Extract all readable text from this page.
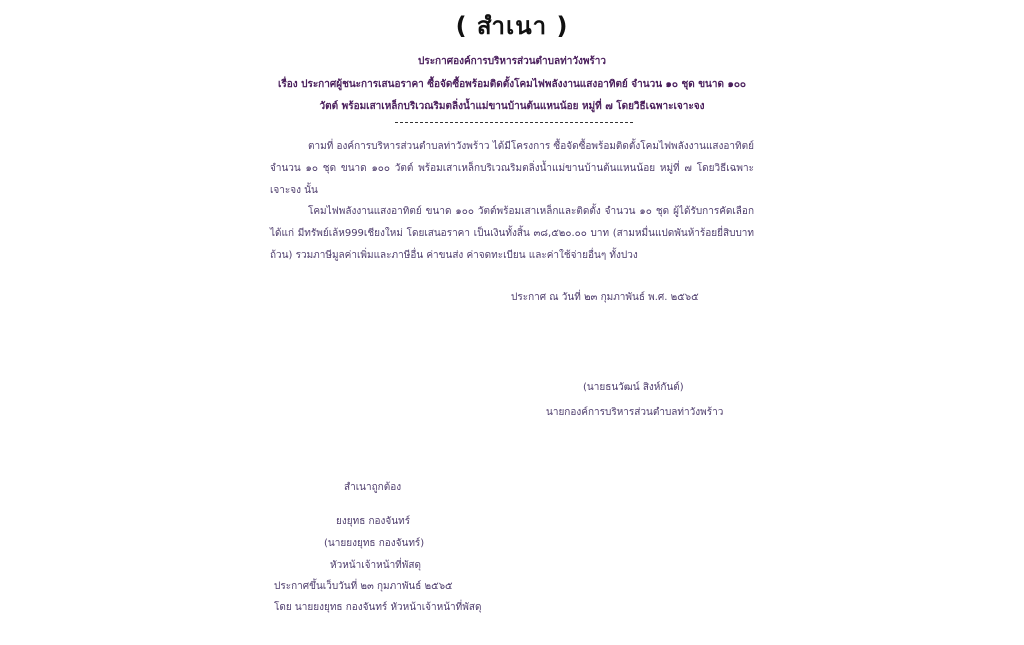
( สำเนา )
ประกาศองค์การบริหารส่วนตำบลท่าวังพร้าว
เรื่อง ประกาศผู้ชนะการเสนอราคา ซื้อจัดซื้อพร้อมติดตั้งโคมไฟพลังงานแสงอาทิตย์ จำนวน ๑๐ ชุด ขนาด ๑๐๐
วัตต์ พร้อมเสาเหล็กบริเวณริมตลิ่งน้ำแม่ขานบ้านต้นแหนน้อย หมู่ที่ ๗ โดยวิธีเฉพาะเจาะจง
ตามที่ องค์การบริหารส่วนตำบลท่าวังพร้าว ได้มีโครงการ ซื้อจัดซื้อพร้อมติดตั้งโคมไฟพลังงานแสงอาทิตย์ จำนวน ๑๐ ชุด ขนาด ๑๐๐ วัตต์ พร้อมเสาเหล็กบริเวณริมตลิ่งน้ำแม่ขานบ้านต้นแหนน้อย หมู่ที่ ๗ โดยวิธีเฉพาะเจาะจง นั้น
โคมไฟพลังงานแสงอาทิตย์ ขนาด ๑๐๐ วัตต์พร้อมเสาเหล็กและติดตั้ง จำนวน ๑๐ ชุด ผู้ได้รับการคัดเลือก ได้แก่ มีทรัพย์เล้ห999เชียงใหม่ โดยเสนอราคา เป็นเงินทั้งสิ้น ๓๘,๕๒๐.๐๐ บาท (สามหมื่นแปดพันห้าร้อยยี่สิบบาทถ้วน) รวมภาษีมูลค่าเพิ่มและภาษีอื่น ค่าขนส่ง ค่าจดทะเบียน และค่าใช้จ่ายอื่นๆ ทั้งปวง
ประกาศ ณ วันที่ ๒๓ กุมภาพันธ์ พ.ศ. ๒๕๖๕
(นายธนวัฒน์ สิงห์กันต์)
นายกองค์การบริหารส่วนตำบลท่าวังพร้าว
สำเนาถูกต้อง
ยงยุทธ กองจันทร์
(นายยงยุทธ กองจันทร์)
หัวหน้าเจ้าหน้าที่พัสดุ
ประกาศขึ้นเว็บวันที่ ๒๓ กุมภาพันธ์ ๒๕๖๕
โดย นายยงยุทธ กองจันทร์ หัวหน้าเจ้าหน้าที่พัสดุ
